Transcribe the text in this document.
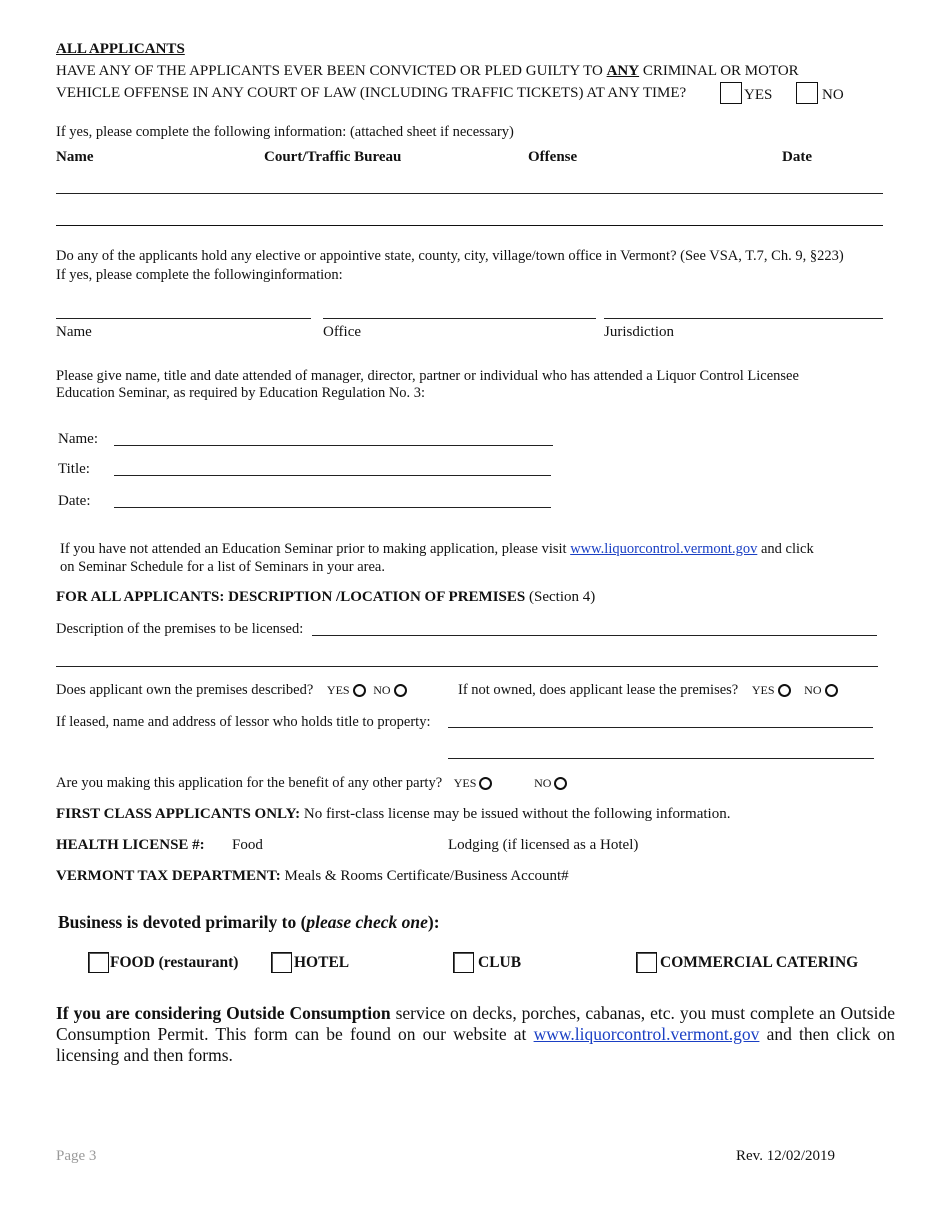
ALL APPLICANTS
HAVE ANY OF THE APPLICANTS EVER BEEN CONVICTED OR PLED GUILTY TO ANY CRIMINAL OR MOTOR
VEHICLE OFFENSE IN ANY COURT OF LAW (INCLUDING TRAFFIC TICKETS) AT ANY TIME?	YES	NO
If yes, please complete the following information: (attached sheet if necessary)
Name	Court/Traffic Bureau	Offense	Date
Do any of the applicants hold any elective or appointive state, county, city, village/town office in Vermont? (See VSA, T.7, Ch. 9, §223)
If yes, please complete the followinginformation:
Name	Office	Jurisdiction
Please give name, title and date attended of manager, director, partner or individual who has attended a Liquor Control Licensee
Education Seminar, as required by Education Regulation No. 3:
Name:
Title:
Date:
If you have not attended an Education Seminar prior to making application, please visit www.liquorcontrol.vermont.gov and click
on Seminar Schedule for a list of Seminars in your area.
FOR ALL APPLICANTS: DESCRIPTION /LOCATION OF PREMISES (Section 4)
Description of the premises to be licensed:
Does applicant own the premises described? YES NO	If not owned, does applicant lease the premises? YES NO
If leased, name and address of lessor who holds title to property:
Are you making this application for the benefit of any other party? YES	NO
FIRST CLASS APPLICANTS ONLY: No first-class license may be issued without the following information.
HEALTH LICENSE #: Food	Lodging (if licensed as a Hotel)
VERMONT TAX DEPARTMENT: Meals & Rooms Certificate/Business Account#
Business is devoted primarily to (please check one):
FOOD (restaurant)	HOTEL	CLUB	COMMERCIAL CATERING
If you are considering Outside Consumption service on decks, porches, cabanas, etc. you must complete an Outside Consumption Permit. This form can be found on our website at www.liquorcontrol.vermont.gov and then click on licensing and then forms.
Page 3	Rev. 12/02/2019
